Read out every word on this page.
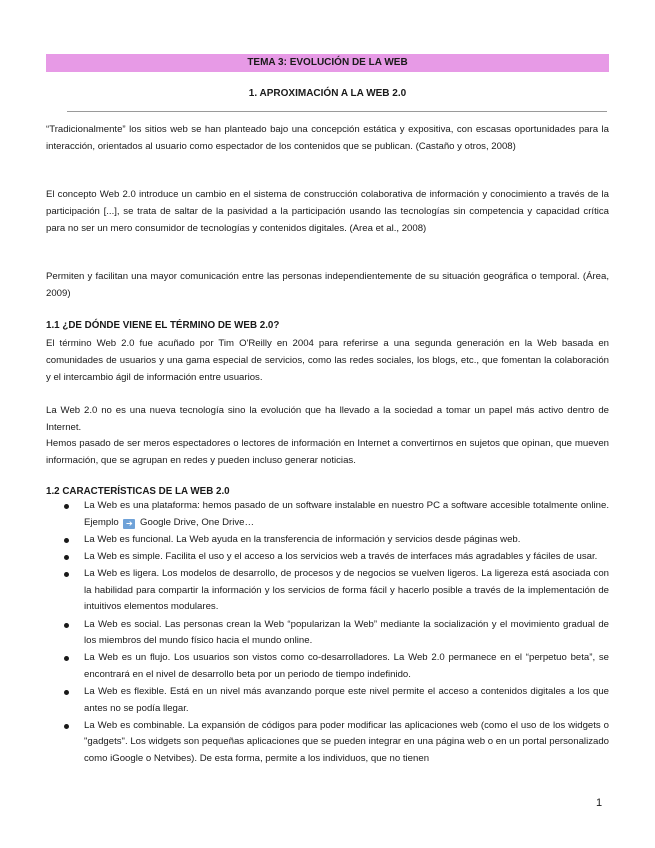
TEMA 3: EVOLUCIÓN DE LA WEB
1. APROXIMACIÓN A LA WEB 2.0

“Tradicionalmente” los sitios web se han planteado bajo una concepción estática y expositiva, con escasas oportunidades para la interacción, orientados al usuario como espectador de los contenidos que se publican. (Castaño y otros, 2008)

El concepto Web 2.0 introduce un cambio en el sistema de construcción colaborativa de información y conocimiento a través de la participación [...], se trata de saltar de la pasividad a la participación usando las tecnologías sin competencia y capacidad crítica para no ser un mero consumidor de tecnologías y contenidos digitales. (Area et al., 2008)

Permiten y facilitan una mayor comunicación entre las personas independientemente de su situación geográfica o temporal. (Área, 2009)

1.1 ¿DE DÓNDE VIENE EL TÉRMINO DE WEB 2.0?

El término Web 2.0 fue acuñado por Tim O'Reilly en 2004 para referirse a una segunda generación en la Web basada en comunidades de usuarios y una gama especial de servicios, como las redes sociales, los blogs, etc., que fomentan la colaboración y el intercambio ágil de información entre usuarios.

La Web 2.0 no es una nueva tecnología sino la evolución que ha llevado a la sociedad a tomar un papel más activo dentro de Internet.

Hemos pasado de ser meros espectadores o lectores de información en Internet a convertirnos en sujetos que opinan, que mueven información, que se agrupan en redes y pueden incluso generar noticias.

1.2 CARACTERÍSTICAS DE LA WEB 2.0

La Web es una plataforma: hemos pasado de un software instalable en nuestro PC a software accesible totalmente online. Ejemplo ➔ Google Drive, One Drive…
La Web es funcional. La Web ayuda en la transferencia de información y servicios desde páginas web.
La Web es simple. Facilita el uso y el acceso a los servicios web a través de interfaces más agradables y fáciles de usar.
La Web es ligera. Los modelos de desarrollo, de procesos y de negocios se vuelven ligeros. La ligereza está asociada con la habilidad para compartir la información y los servicios de forma fácil y hacerlo posible a través de la implementación de intuitivos elementos modulares.
La Web es social. Las personas crean la Web “popularizan la Web” mediante la socialización y el movimiento gradual de los miembros del mundo físico hacia el mundo online.
La Web es un flujo. Los usuarios son vistos como co-desarrolladores. La Web 2.0 permanece en el “perpetuo beta”, se encontrará en el nivel de desarrollo beta por un periodo de tiempo indefinido.
La Web es flexible. Está en un nivel más avanzando porque este nivel permite el acceso a contenidos digitales a los que antes no se podía llegar.
La Web es combinable. La expansión de códigos para poder modificar las aplicaciones web (como el uso de los widgets o "gadgets". Los widgets son pequeñas aplicaciones que se pueden integrar en una página web o en un portal personalizado como iGoogle o Netvibes). De esta forma, permite a los individuos, que no tienen
1
